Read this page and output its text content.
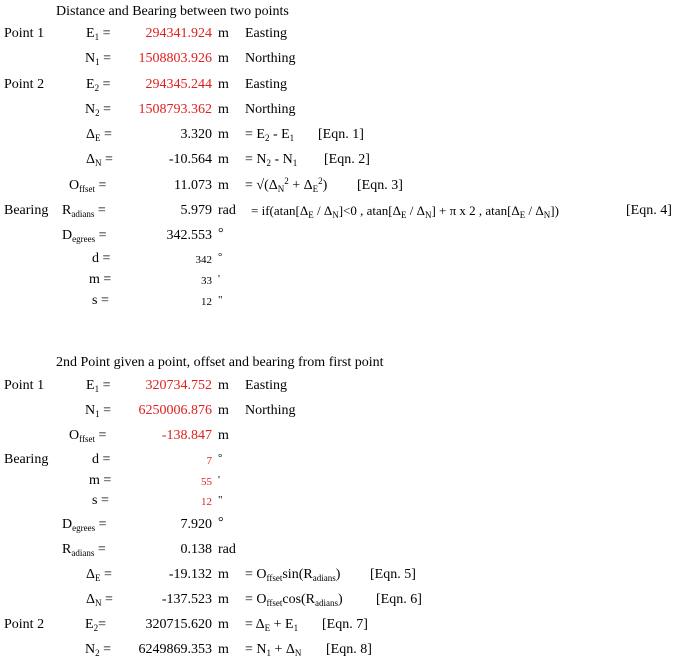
Distance and Bearing between two points
Point 1	$E_1$ =	294341.924 m Easting
$N_1$ =	1508803.926 m Northing
Point 2	$E_2$ =	294345.244 m Easting
$N_2$ =	1508793.362 m Northing
$\Delta_E$ =	3.320 $m = E_2 - E_1$ [Eqn. 1]
$\Delta_N$ =	-10.564 $m = N_2 - N_1$ [Eqn. 2]
$O_{ffset}$ =	11.073 $m = √(\Delta_N^2 + \Delta_E^2)$ [Eqn. 3]
Bearing $R_{adians}$ =	5.979 rad = $if(atan[\Delta_E / \Delta_N]<0$ , $atan[\Delta_E / \Delta_N] + \pi$ x 2 , $atan[\Delta_E / \Delta_N]$)	[Eqn. 4]
$D_{egrees}$ =	342.553 °
d =	342 °
m =	33 '
s =	12 "
2nd Point given a point, offset and bearing from first point
Point 1	$E_1$ =	320734.752 m Easting
$N_1$ =	6250006.876 m Northing
$O_{ffset}$ =	-138.847 m
Bearing	d =	7 °
m =	55 '
s =	12 "
$D_{egrees}$ =	7.920 °
$R_{adians}$ =	0.138 rad
$\Delta_E$ =	-19.132 $m = O_{ffset}\sin(R_{adians})$ [Eqn. 5]
$\Delta_N$ =	-137.523 $m = O_{ffset}\cos(R_{adians})$ [Eqn. 6]
Point 2	$E_2=$	320715.620 $m = \Delta_E + E_1$ [Eqn. 7]
$N_2$ =	6249869.353 $m = N_1 + \Delta_N$ [Eqn. 8]
